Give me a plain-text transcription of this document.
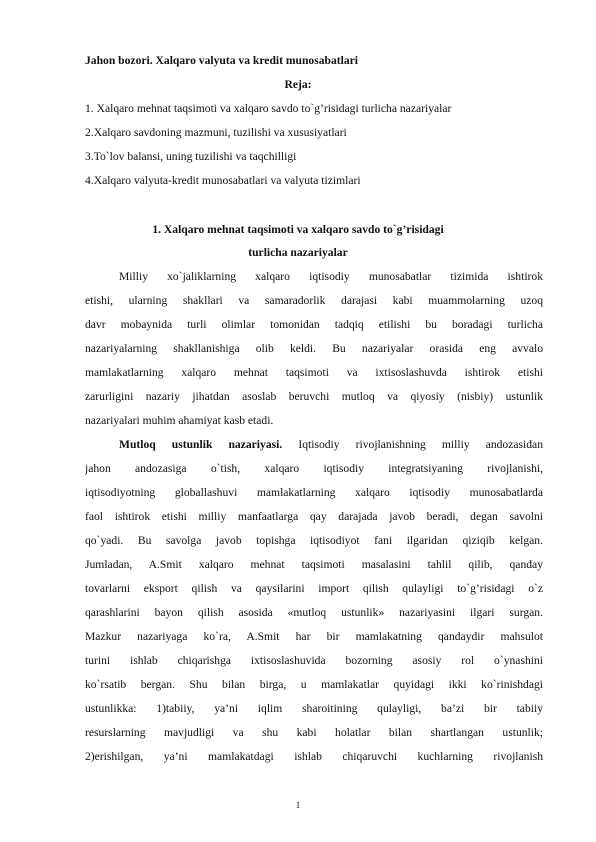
Jahon bozori. Xalqaro valyuta va kredit munosabatlari
Reja:
1. Xalqaro mehnat taqsimoti va xalqaro savdo to`g’risidagi turlicha nazariyalar
2.Xalqaro savdoning mazmuni, tuzilishi va xususiyatlari
3.To`lov balansi, uning tuzilishi va taqchilligi
4.Xalqaro valyuta-kredit munosabatlari va valyuta tizimlari
1. Xalqaro mehnat taqsimoti va xalqaro savdo to`g’risidagi
turlicha nazariyalar
Milliy xo`jaliklarning xalqaro iqtisodiy munosabatlar tizimida ishtirok
etishi, ularning shakllari va samaradorlik darajasi kabi muammolarning uzoq
davr mobaynida turli olimlar tomonidan tadqiq etilishi bu boradagi turlicha
nazariyalarning shakllanishiga olib keldi. Bu nazariyalar orasida eng avvalo
mamlakatlarning xalqaro mehnat taqsimoti va ixtisoslashuvda ishtirok etishi
zarurligini nazariy jihatdan asoslab beruvchi mutloq va qiyosiy (nisbiy) ustunlik
nazariyalari muhim ahamiyat kasb etadi.
Mutloq ustunlik nazariyasi. Iqtisodiy rivojlanishning milliy andozasidan
jahon andozasiga o`tish, xalqaro iqtisodiy integratsiyaning rivojlanishi,
iqtisodiyotning globallashuvi mamlakatlarning xalqaro iqtisodiy munosabatlarda
faol ishtirok etishi milliy manfaatlarga qay darajada javob beradi, degan savolni
qo`yadi. Bu savolga javob topishga iqtisodiyot fani ilgaridan qiziqib kelgan.
Jumladan, A.Smit xalqaro mehnat taqsimoti masalasini tahlil qilib, qanday
tovarlarni eksport qilish va qaysilarini import qilish qulayligi to`g’risidagi o`z
qarashlarini bayon qilish asosida «mutloq ustunlik» nazariyasini ilgari surgan.
Mazkur nazariyaga ko`ra, A.Smit har bir mamlakatning qandaydir mahsulot
turini ishlab chiqarishga ixtisoslashuvida bozorning asosiy rol o`ynashini
ko`rsatib bergan. Shu bilan birga, u mamlakatlar quyidagi ikki ko`rinishdagi
ustunlikka: 1)tabiiy, ya’ni iqlim sharoitining qulayligi, ba’zi bir tabiiy
resurslarning mavjudligi va shu kabi holatlar bilan shartlangan ustunlik;
2)erishilgan, ya’ni mamlakatdagi ishlab chiqaruvchi kuchlarning rivojlanish
1
